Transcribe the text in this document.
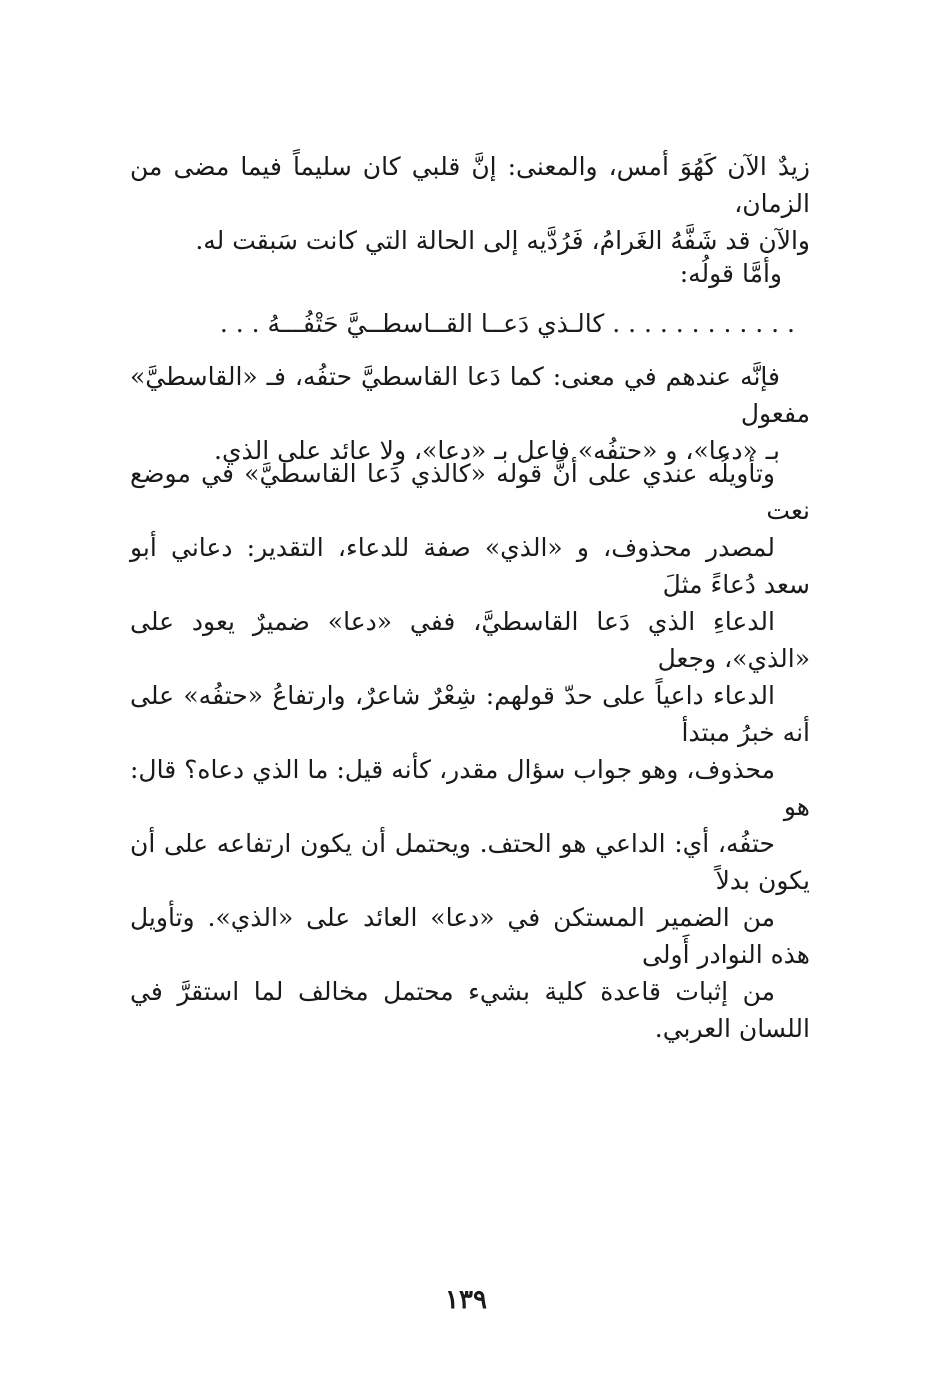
زيدٌ الآن كَهُوَ أمس، والمعنى: إنَّ قلبي كان سليماً فيما مضى من الزمان،
والآن قد شَفَّهُ الغَرامُ، فَرُدَّيه إلى الحالة التي كانت سَبقت له.
وأمَّا قولُه:
. . . . . . . . . . . . كالـذي دَعــا القــاسطــيَّ حَتْفُـــهُ . . .
فإنَّه عندهم في معنى: كما دَعا القاسطيَّ حتفُه، فـ «القاسطيَّ» مفعول
بـ «دعا»، و «حتفُه» فاعل بـ «دعا»، ولا عائد على الذي.
وتأويلُه عندي على أنَّ قوله «كالذي دَعا القاسطيَّ» في موضع نعت
لمصدر محذوف، و «الذي» صفة للدعاء، التقدير: دعاني أبو سعد دُعاءً مثلَ
الدعاءِ الذي دَعا القاسطيَّ، ففي «دعا» ضميرٌ يعود على «الذي»، وجعل
الدعاء داعياً على حدّ قولهم: شِعْرٌ شاعرٌ، وارتفاعُ «حتفُه» على أنه خبرُ مبتدأ
محذوف، وهو جواب سؤال مقدر، كأنه قيل: ما الذي دعاه؟ قال: هو
حتفُه، أي: الداعي هو الحتف. ويحتمل أن يكون ارتفاعه على أن يكون بدلاً
من الضمير المستكن في «دعا» العائد على «الذي». وتأويل هذه النوادر أَولى
من إثبات قاعدة كلية بشيء محتمل مخالف لما استقرَّ في اللسان العربي.
١٣٩
